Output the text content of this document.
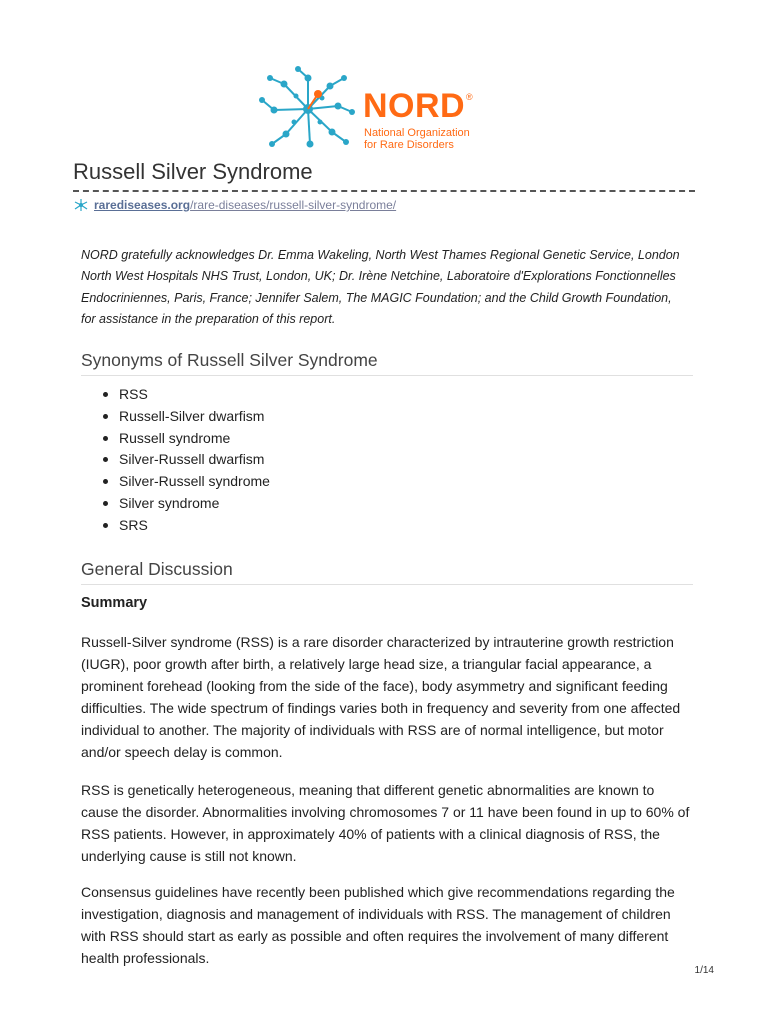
NORD ®
National Organization
for Rare Disorders
Russell Silver Syndrome
rarediseases.org /rare-diseases/russell-silver-syndrome/

NORD gratefully acknowledges Dr. Emma Wakeling, North West Thames Regional Genetic Service, London North West Hospitals NHS Trust, London, UK; Dr. Irène Netchine, Laboratoire d'Explorations Fonctionnelles Endocriniennes, Paris, France; Jennifer Salem, The MAGIC Foundation; and the Child Growth Foundation, for assistance in the preparation of this report.

Synonyms of Russell Silver Syndrome
RSS
Russell-Silver dwarfism
Russell syndrome
Silver-Russell dwarfism
Silver-Russell syndrome
Silver syndrome
SRS
General Discussion
Summary

Russell-Silver syndrome (RSS) is a rare disorder characterized by intrauterine growth restriction (IUGR), poor growth after birth, a relatively large head size, a triangular facial appearance, a prominent forehead (looking from the side of the face), body asymmetry and significant feeding difficulties. The wide spectrum of findings varies both in frequency and severity from one affected individual to another. The majority of individuals with RSS are of normal intelligence, but motor and/or speech delay is common.

RSS is genetically heterogeneous, meaning that different genetic abnormalities are known to cause the disorder. Abnormalities involving chromosomes 7 or 11 have been found in up to 60% of RSS patients. However, in approximately 40% of patients with a clinical diagnosis of RSS, the underlying cause is still not known.

Consensus guidelines have recently been published which give recommendations regarding the investigation, diagnosis and management of individuals with RSS. The management of children with RSS should start as early as possible and often requires the involvement of many different health professionals.

1/14
